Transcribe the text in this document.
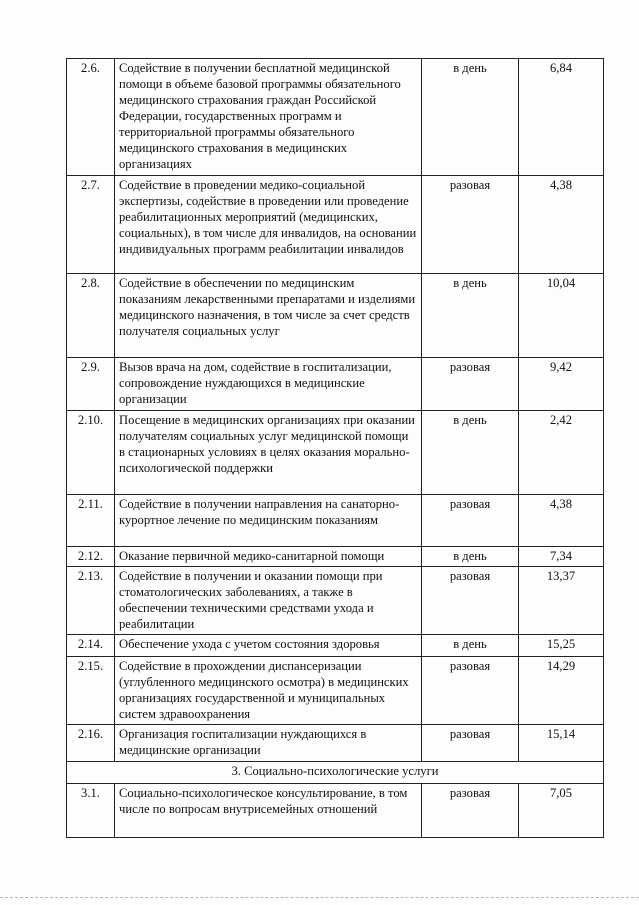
2.6.	Содействие в получении бесплатной медицинской помощи в объеме базовой программы обязательного медицинского страхования граждан Российской Федерации, государственных программ и территориальной программы обязательного медицинского страхования в медицинских организациях	в день	6,84
2.7.	Содействие в проведении медико-социальной экспертизы, содействие в проведении или проведение реабилитационных мероприятий (медицинских, социальных), в том числе для инвалидов, на основании индивидуальных программ реабилитации инвалидов	разовая	4,38
2.8.	Содействие в обеспечении по медицинским показаниям лекарственными препаратами и изделиями медицинского назначения, в том числе за счет средств получателя социальных услуг	в день	10,04
2.9.	Вызов врача на дом, содействие в госпитализации, сопровождение нуждающихся в медицинские организации	разовая	9,42
2.10.	Посещение в медицинских организациях при оказании получателям социальных услуг медицинской помощи в стационарных условиях в целях оказания морально-психологической поддержки	в день	2,42
2.11.	Содействие в получении направления на санаторно-курортное лечение по медицинским показаниям	разовая	4,38
2.12.	Оказание первичной медико-санитарной помощи	в день	7,34
2.13.	Содействие в получении и оказании помощи при стоматологических заболеваниях, а также в обеспечении техническими средствами ухода и реабилитации	разовая	13,37
2.14.	Обеспечение ухода с учетом состояния здоровья	в день	15,25
2.15.	Содействие в прохождении диспансеризации (углубленного медицинского осмотра) в медицинских организациях государственной и муниципальных систем здравоохранения	разовая	14,29
2.16.	Организация госпитализации нуждающихся в медицинские организации	разовая	15,14
3. Социально-психологические услуги			
3.1.	Социально-психологическое консультирование, в том числе по вопросам внутрисемейных отношений	разовая	7,05
